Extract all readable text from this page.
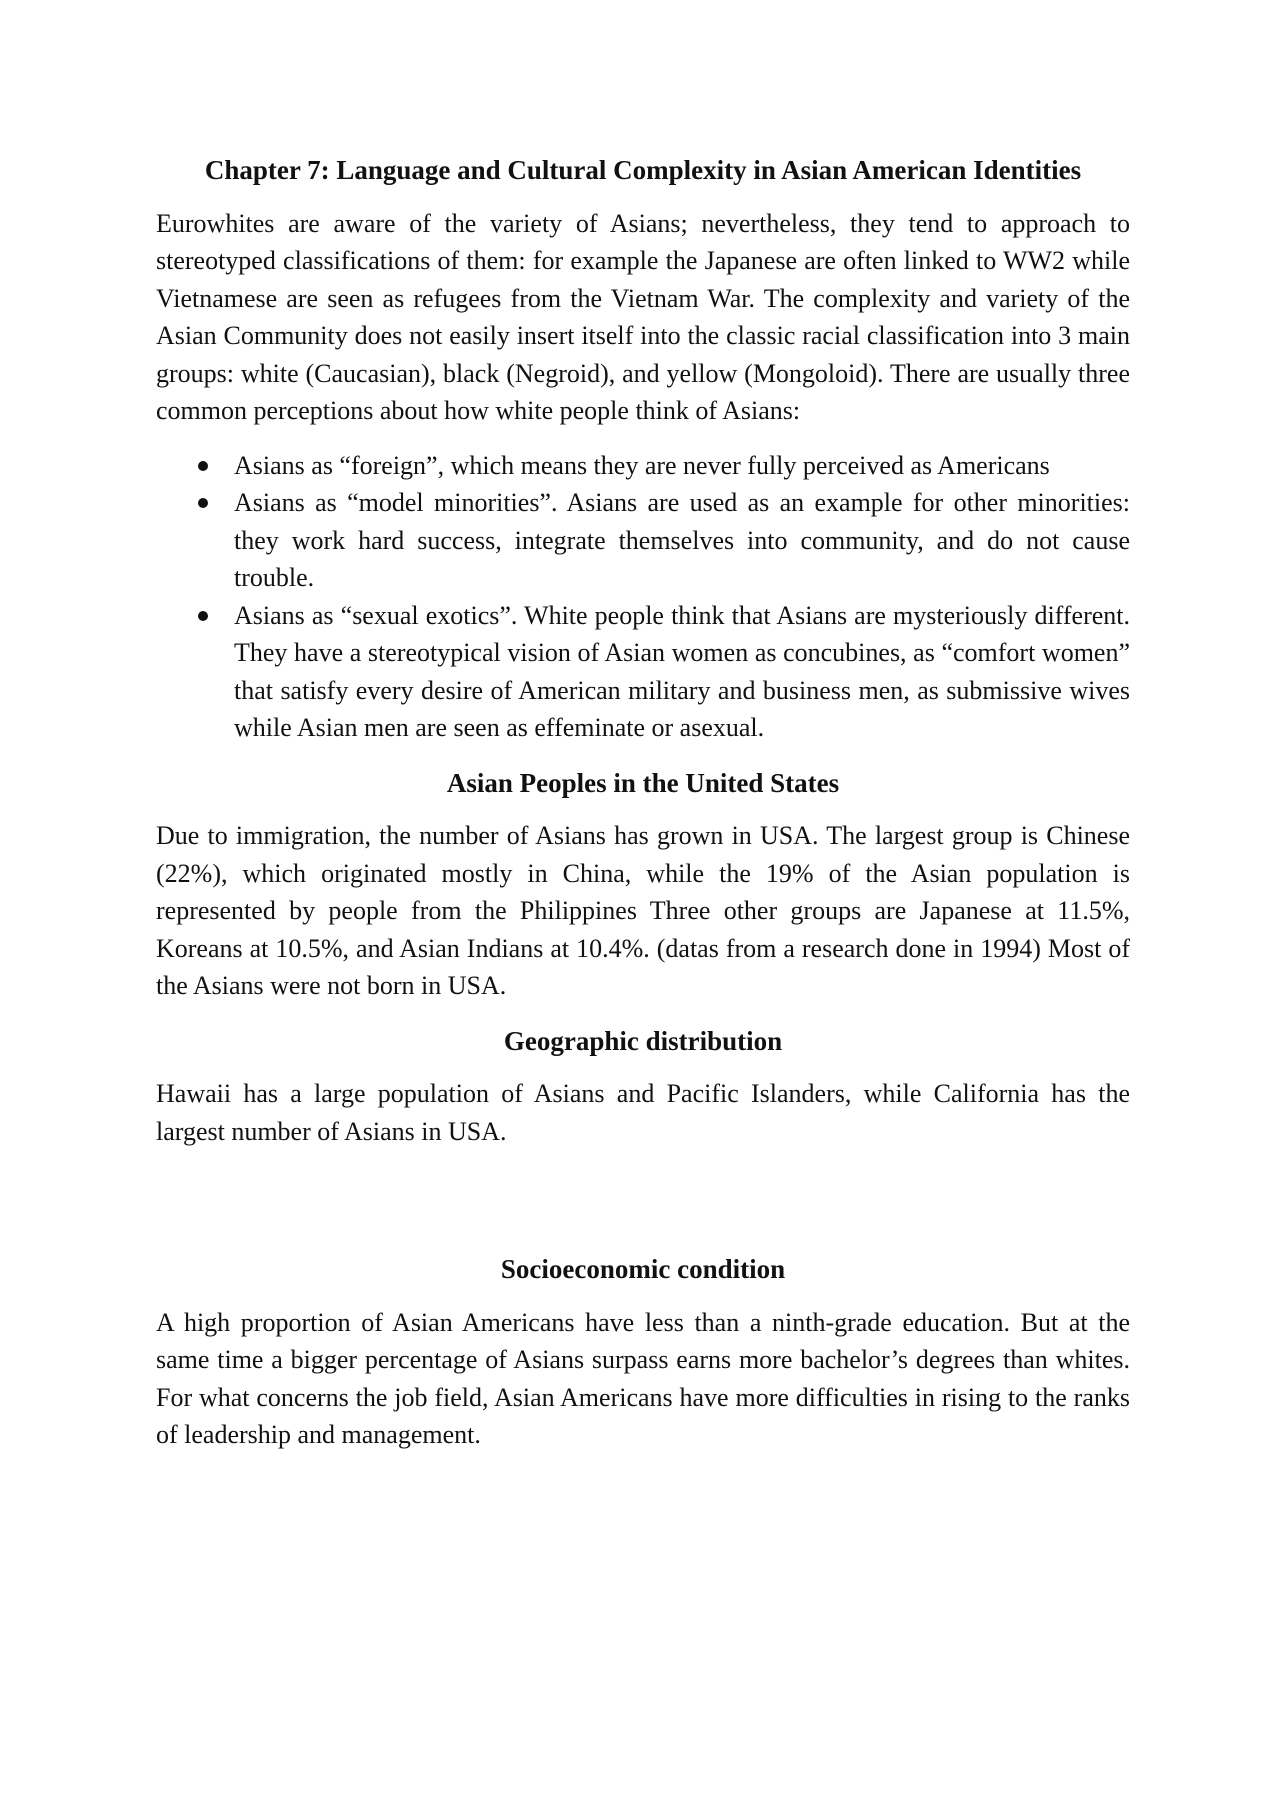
Chapter 7: Language and Cultural Complexity in Asian American Identities

Eurowhites are aware of the variety of Asians; nevertheless, they tend to approach to stereotyped classifications of them: for example the Japanese are often linked to WW2 while Vietnamese are seen as refugees from the Vietnam War. The complexity and variety of the Asian Community does not easily insert itself into the classic racial classification into 3 main groups: white (Caucasian), black (Negroid), and yellow (Mongoloid). There are usually three common perceptions about how white people think of Asians:

Asians as “foreign”, which means they are never fully perceived as Americans
Asians as “model minorities”. Asians are used as an example for other minorities: they work hard success, integrate themselves into community, and do not cause trouble.
Asians as “sexual exotics”. White people think that Asians are mysteriously different. They have a stereotypical vision of Asian women as concubines, as “comfort women” that satisfy every desire of American military and business men, as submissive wives while Asian men are seen as effeminate or asexual.
Asian Peoples in the United States

Due to immigration, the number of Asians has grown in USA. The largest group is Chinese (22%), which originated mostly in China, while the 19% of the Asian population is represented by people from the Philippines Three other groups are Japanese at 11.5%, Koreans at 10.5%, and Asian Indians at 10.4%. (datas from a research done in 1994) Most of the Asians were not born in USA.

Geographic distribution

Hawaii has a large population of Asians and Pacific Islanders, while California has the largest number of Asians in USA.

Socioeconomic condition

A high proportion of Asian Americans have less than a ninth-grade education. But at the same time a bigger percentage of Asians surpass earns more bachelor’s degrees than whites. For what concerns the job field, Asian Americans have more difficulties in rising to the ranks of leadership and management.
